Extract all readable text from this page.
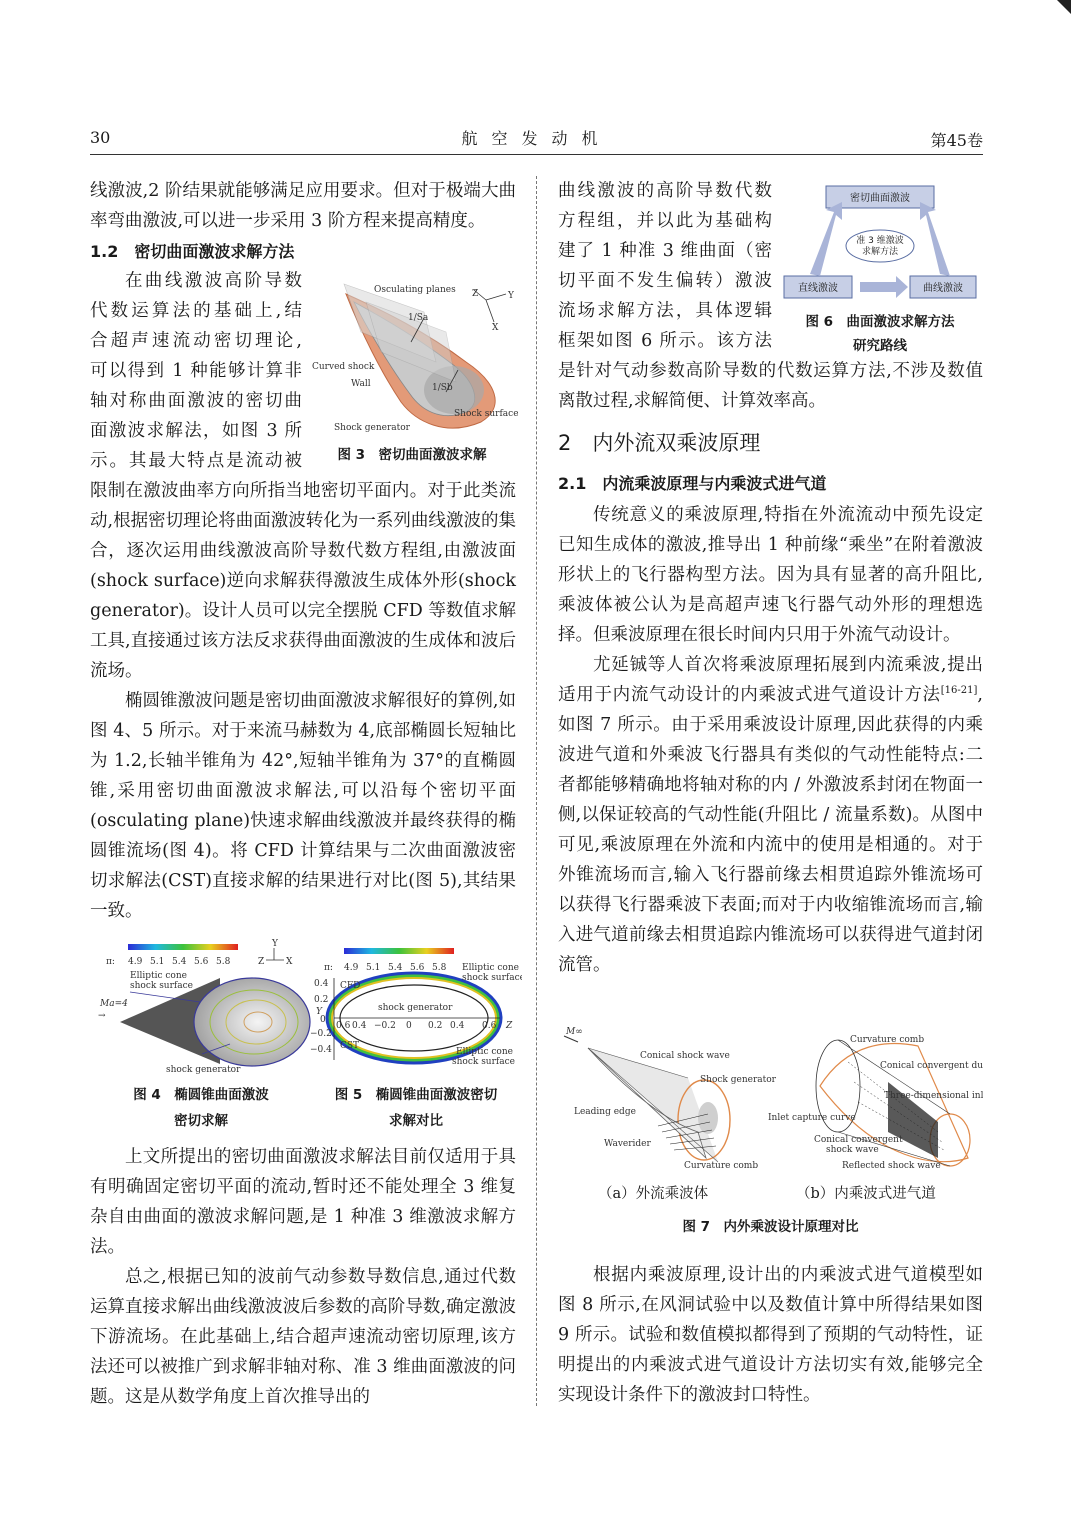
30	航空发动机	第45卷

线激波,2 阶结果就能够满足应用要求。但对于极端大曲率弯曲激波,可以进一步采用 3 阶方程来提高精度。

1.2　密切曲面激波求解方法

在曲线激波高阶导数

代数运算法的基础上,结

合超声速流动密切理论,

可以得到 1 种能够计算非

轴对称曲面激波的密切曲

面激波求解法，如图 3 所

示。其最大特点是流动被

Osculating planes
1/Sa
1/Sb
Curved shock
Wall
Shock generator
Shock surface
Z	Y
X
图 3　密切曲面激波求解

限制在激波曲率方向所指当地密切平面内。对于此类流动,根据密切理论将曲面激波转化为一系列曲线激波的集合，逐次运用曲线激波高阶导数代数方程组,由激波面(shock surface)逆向求解获得激波生成体外形(shock generator)。设计人员可以完全摆脱 CFD 等数值求解工具,直接通过该方法反求获得曲面激波的生成体和波后流场。

椭圆锥激波问题是密切曲面激波求解很好的算例,如图 4、5 所示。对于来流马赫数为 4,底部椭圆长短轴比为 1.2,长轴半锥角为 42°,短轴半锥角为 37°的直椭圆锥,采用密切曲面激波求解法,可以沿每个密切平面(osculating plane)快速求解曲线激波并最终获得的椭圆锥流场(图 4)。将 CFD 计算结果与二次曲面激波密切求解法(CST)直接求解的结果进行对比(图 5),其结果一致。

π: 4.9 5.1 5.4 5.6 5.8
Y
Z X
Elliptic cone
shock surface
Ma=4
→
shock generator
图 4　椭圆锥曲面激波
密切求解
π: 4.9 5.1 5.4 5.6 5.8
0.4
0.2
0
−0.2
−0.4
0.6 0.4 −0.2 0 0.2 0.4 0.6 Z
Y
CFD
CST
shock generator
Elliptic cone
shock surface
Elliptic cone
shock surface
图 5　椭圆锥曲面激波密切
求解对比

上文所提出的密切曲面激波求解法目前仅适用于具有明确固定密切平面的流动,暂时还不能处理全 3 维复杂自由曲面的激波求解问题,是 1 种准 3 维激波求解方法。

总之,根据已知的波前气动参数导数信息,通过代数运算直接求解出曲线激波波后参数的高阶导数,确定激波下游流场。在此基础上,结合超声速流动密切原理,该方法还可以被推广到求解非轴对称、准 3 维曲面激波的问题。这是从数学角度上首次推导出的

曲线激波的高阶导数代数

方程组，并以此为基础构

建了 1 种准 3 维曲面（密

切平面不发生偏转）激波

流场求解方法，具体逻辑

框架如图 6 所示。该方法

密切曲面激波
准 3 维激波
求解方法
直线激波	曲线激波
图 6　曲面激波求解方法
研究路线

是针对气动参数高阶导数的代数运算方法,不涉及数值离散过程,求解简便、计算效率高。

2　内外流双乘波原理

2.1　内流乘波原理与内乘波式进气道

传统意义的乘波原理,特指在外流流动中预先设定已知生成体的激波,推导出 1 种前缘“乘坐”在附着激波形状上的飞行器构型方法。因为具有显著的高升阻比,乘波体被公认为是高超声速飞行器气动外形的理想选择。但乘波原理在很长时间内只用于外流气动设计。

尤延铖等人首次将乘波原理拓展到内流乘波,提出适用于内流气动设计的内乘波式进气道设计方法[16-21],如图 7 所示。由于采用乘波设计原理,因此获得的内乘波进气道和外乘波飞行器具有类似的气动性能特点:二者都能够精确地将轴对称的内 / 外激波系封闭在物面一侧,以保证较高的气动性能(升阻比 / 流量系数)。从图中可见,乘波原理在外流和内流中的使用是相通的。对于外锥流场而言,输入飞行器前缘去相贯追踪外锥流场可以获得飞行器乘波下表面;而对于内收缩锥流场而言,输入进气道前缘去相贯追踪内锥流场可以获得进气道封闭流管。

M∞
Conical shock wave
Shock generator
Leading edge
Waverider
Curvature comb
Curvature comb
Conical convergent duct
Three-dimensional inlet
Inlet capture curve
Conical convergent
shock wave
Reflected shock wave
（a）外流乘波体	（b）内乘波式进气道
图 7　内外乘波设计原理对比

根据内乘波原理,设计出的内乘波式进气道模型如图 8 所示,在风洞试验中以及数值计算中所得结果如图 9 所示。试验和数值模拟都得到了预期的气动特性，证明提出的内乘波式进气道设计方法切实有效,能够完全实现设计条件下的激波封口特性。
